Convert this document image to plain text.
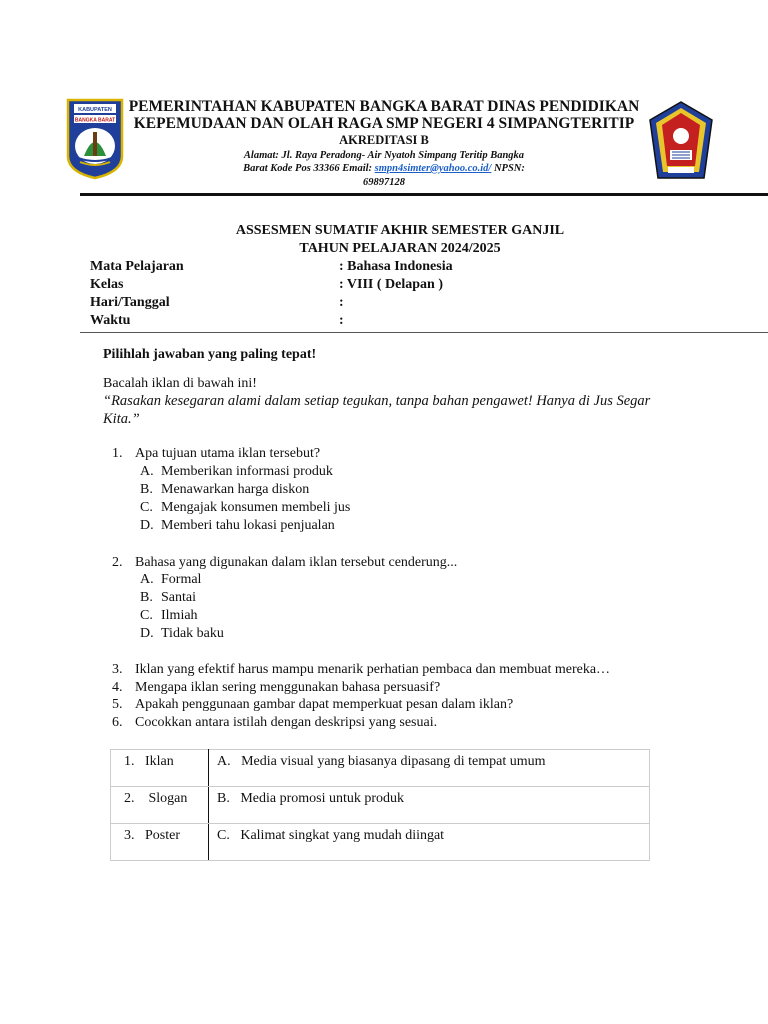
KABUPATEN
BANGKA BARAT
PEMERINTAHAN KABUPATEN BANGKA BARAT DINAS PENDIDIKAN
KEPEMUDAAN DAN OLAH RAGA SMP NEGERI 4 SIMPANGTERITIP
AKREDITASI B
Alamat: Jl. Raya Peradong- Air Nyatoh Simpang Teritip Bangka
Barat Kode Pos 33366 Email: smpn4simter@yahoo.co.id/ NPSN:
69897128
ASSESMEN SUMATIF AKHIR SEMESTER GANJIL
TAHUN PELAJARAN 2024/2025
Mata Pelajaran	: Bahasa Indonesia
Kelas	: VIII ( Delapan )
Hari/Tanggal	:
Waktu	:
Pilihlah jawaban yang paling tepat!
Bacalah iklan di bawah ini!
“Rasakan kesegaran alami dalam setiap tegukan, tanpa bahan pengawet! Hanya di Jus Segar
Kita.”
1. Apa tujuan utama iklan tersebut?
A. Memberikan informasi produk
B. Menawarkan harga diskon
C. Mengajak konsumen membeli jus
D. Memberi tahu lokasi penjualan
2. Bahasa yang digunakan dalam iklan tersebut cenderung...
A. Formal
B. Santai
C. Ilmiah
D. Tidak baku
3. Iklan yang efektif harus mampu menarik perhatian pembaca dan membuat mereka…
4. Mengapa iklan sering menggunakan bahasa persuasif?
5. Apakah penggunaan gambar dapat memperkuat pesan dalam iklan?
6. Cocokkan antara istilah dengan deskripsi yang sesuai.
1.   Iklan	A.   Media visual yang biasanya dipasang di tempat umum

2.    Slogan	B.   Media promosi untuk produk

3.   Poster	C.   Kalimat singkat yang mudah diingat
